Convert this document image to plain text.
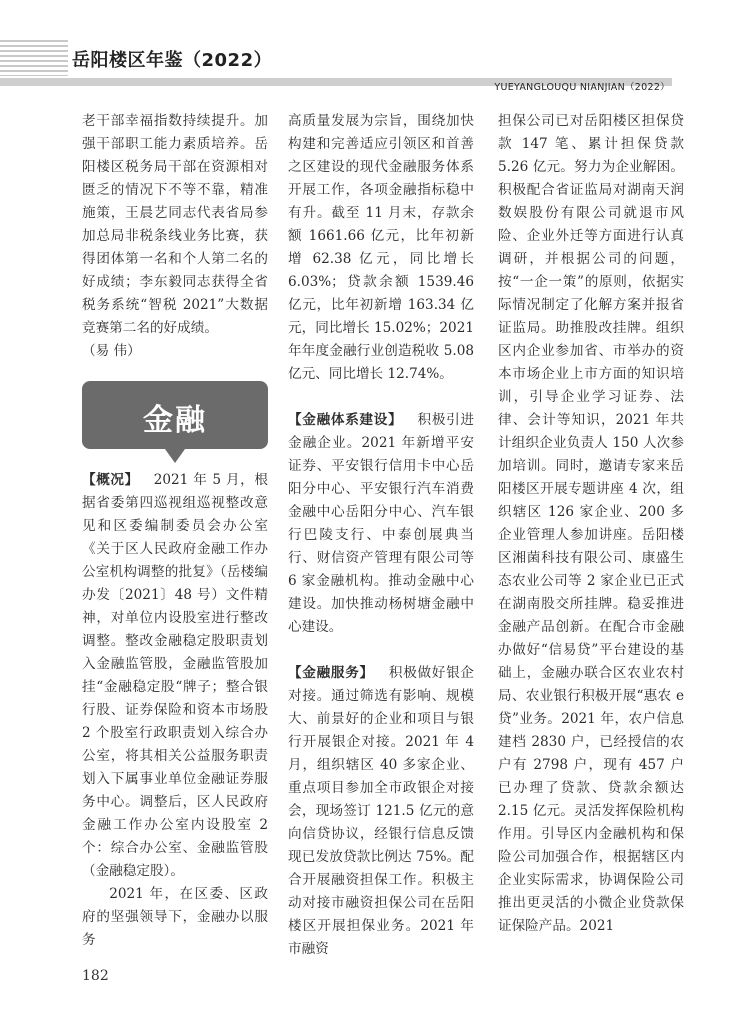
岳阳楼区年鉴（2022）
YUEYANGLOUQU NIANJIAN（2022）

老干部幸福指数持续提升。加强干部职工能力素质培养。岳阳楼区税务局干部在资源相对匮乏的情况下不等不靠，精准施策，王晨艺同志代表省局参加总局非税条线业务比赛，获得团体第一名和个人第二名的好成绩；李东毅同志获得全省税务系统“智税 2021”大数据竞赛第二名的好成绩。

（易 伟）

金融

【概况】 2021 年 5 月，根据省委第四巡视组巡视整改意见和区委编制委员会办公室《关于区人民政府金融工作办公室机构调整的批复》（岳楼编办发〔2021〕48 号）文件精神，对单位内设股室进行整改调整。整改金融稳定股职责划入金融监管股，金融监管股加挂“金融稳定股“牌子；整合银行股、证券保险和资本市场股 2 个股室行政职责划入综合办公室，将其相关公益服务职责划入下属事业单位金融证券服务中心。调整后，区人民政府金融工作办公室内设股室 2 个：综合办公室、金融监管股（金融稳定股）。

2021 年，在区委、区政府的坚强领导下，金融办以服务

高质量发展为宗旨，围绕加快构建和完善适应引领区和首善之区建设的现代金融服务体系开展工作，各项金融指标稳中有升。截至 11 月末，存款余额 1661.66 亿元，比年初新增 62.38 亿元，同比增长 6.03%；贷款余额 1539.46 亿元，比年初新增 163.34 亿元，同比增长 15.02%；2021 年年度金融行业创造税收 5.08 亿元、同比增长 12.74%。

【金融体系建设】 积极引进金融企业。2021 年新增平安证券、平安银行信用卡中心岳阳分中心、平安银行汽车消费金融中心岳阳分中心、汽车银行巴陵支行、中泰创展典当行、财信资产管理有限公司等 6 家金融机构。推动金融中心建设。加快推动杨树塘金融中心建设。

【金融服务】 积极做好银企对接。通过筛选有影响、规模大、前景好的企业和项目与银行开展银企对接。2021 年 4 月，组织辖区 40 多家企业、重点项目参加全市政银企对接会，现场签订 121.5 亿元的意向信贷协议，经银行信息反馈现已发放贷款比例达 75%。配合开展融资担保工作。积极主动对接市融资担保公司在岳阳楼区开展担保业务。2021 年市融资

担保公司已对岳阳楼区担保贷款 147 笔、累计担保贷款 5.26 亿元。努力为企业解困。积极配合省证监局对湖南天润数娱股份有限公司就退市风险、企业外迁等方面进行认真调研，并根据公司的问题，按“一企一策”的原则，依据实际情况制定了化解方案并报省证监局。助推股改挂牌。组织区内企业参加省、市举办的资本市场企业上市方面的知识培训，引导企业学习证券、法律、会计等知识，2021 年共计组织企业负责人 150 人次参加培训。同时，邀请专家来岳阳楼区开展专题讲座 4 次，组织辖区 126 家企业、200 多企业管理人参加讲座。岳阳楼区湘菌科技有限公司、康盛生态农业公司等 2 家企业已正式在湖南股交所挂牌。稳妥推进金融产品创新。在配合市金融办做好“信易贷”平台建设的基础上，金融办联合区农业农村局、农业银行积极开展“惠农 e 贷”业务。2021 年，农户信息建档 2830 户，已经授信的农户有 2798 户，现有 457 户已办理了贷款、贷款余额达 2.15 亿元。灵活发挥保险机构作用。引导区内金融机构和保险公司加强合作，根据辖区内企业实际需求，协调保险公司推出更灵活的小微企业贷款保证保险产品。2021

182
